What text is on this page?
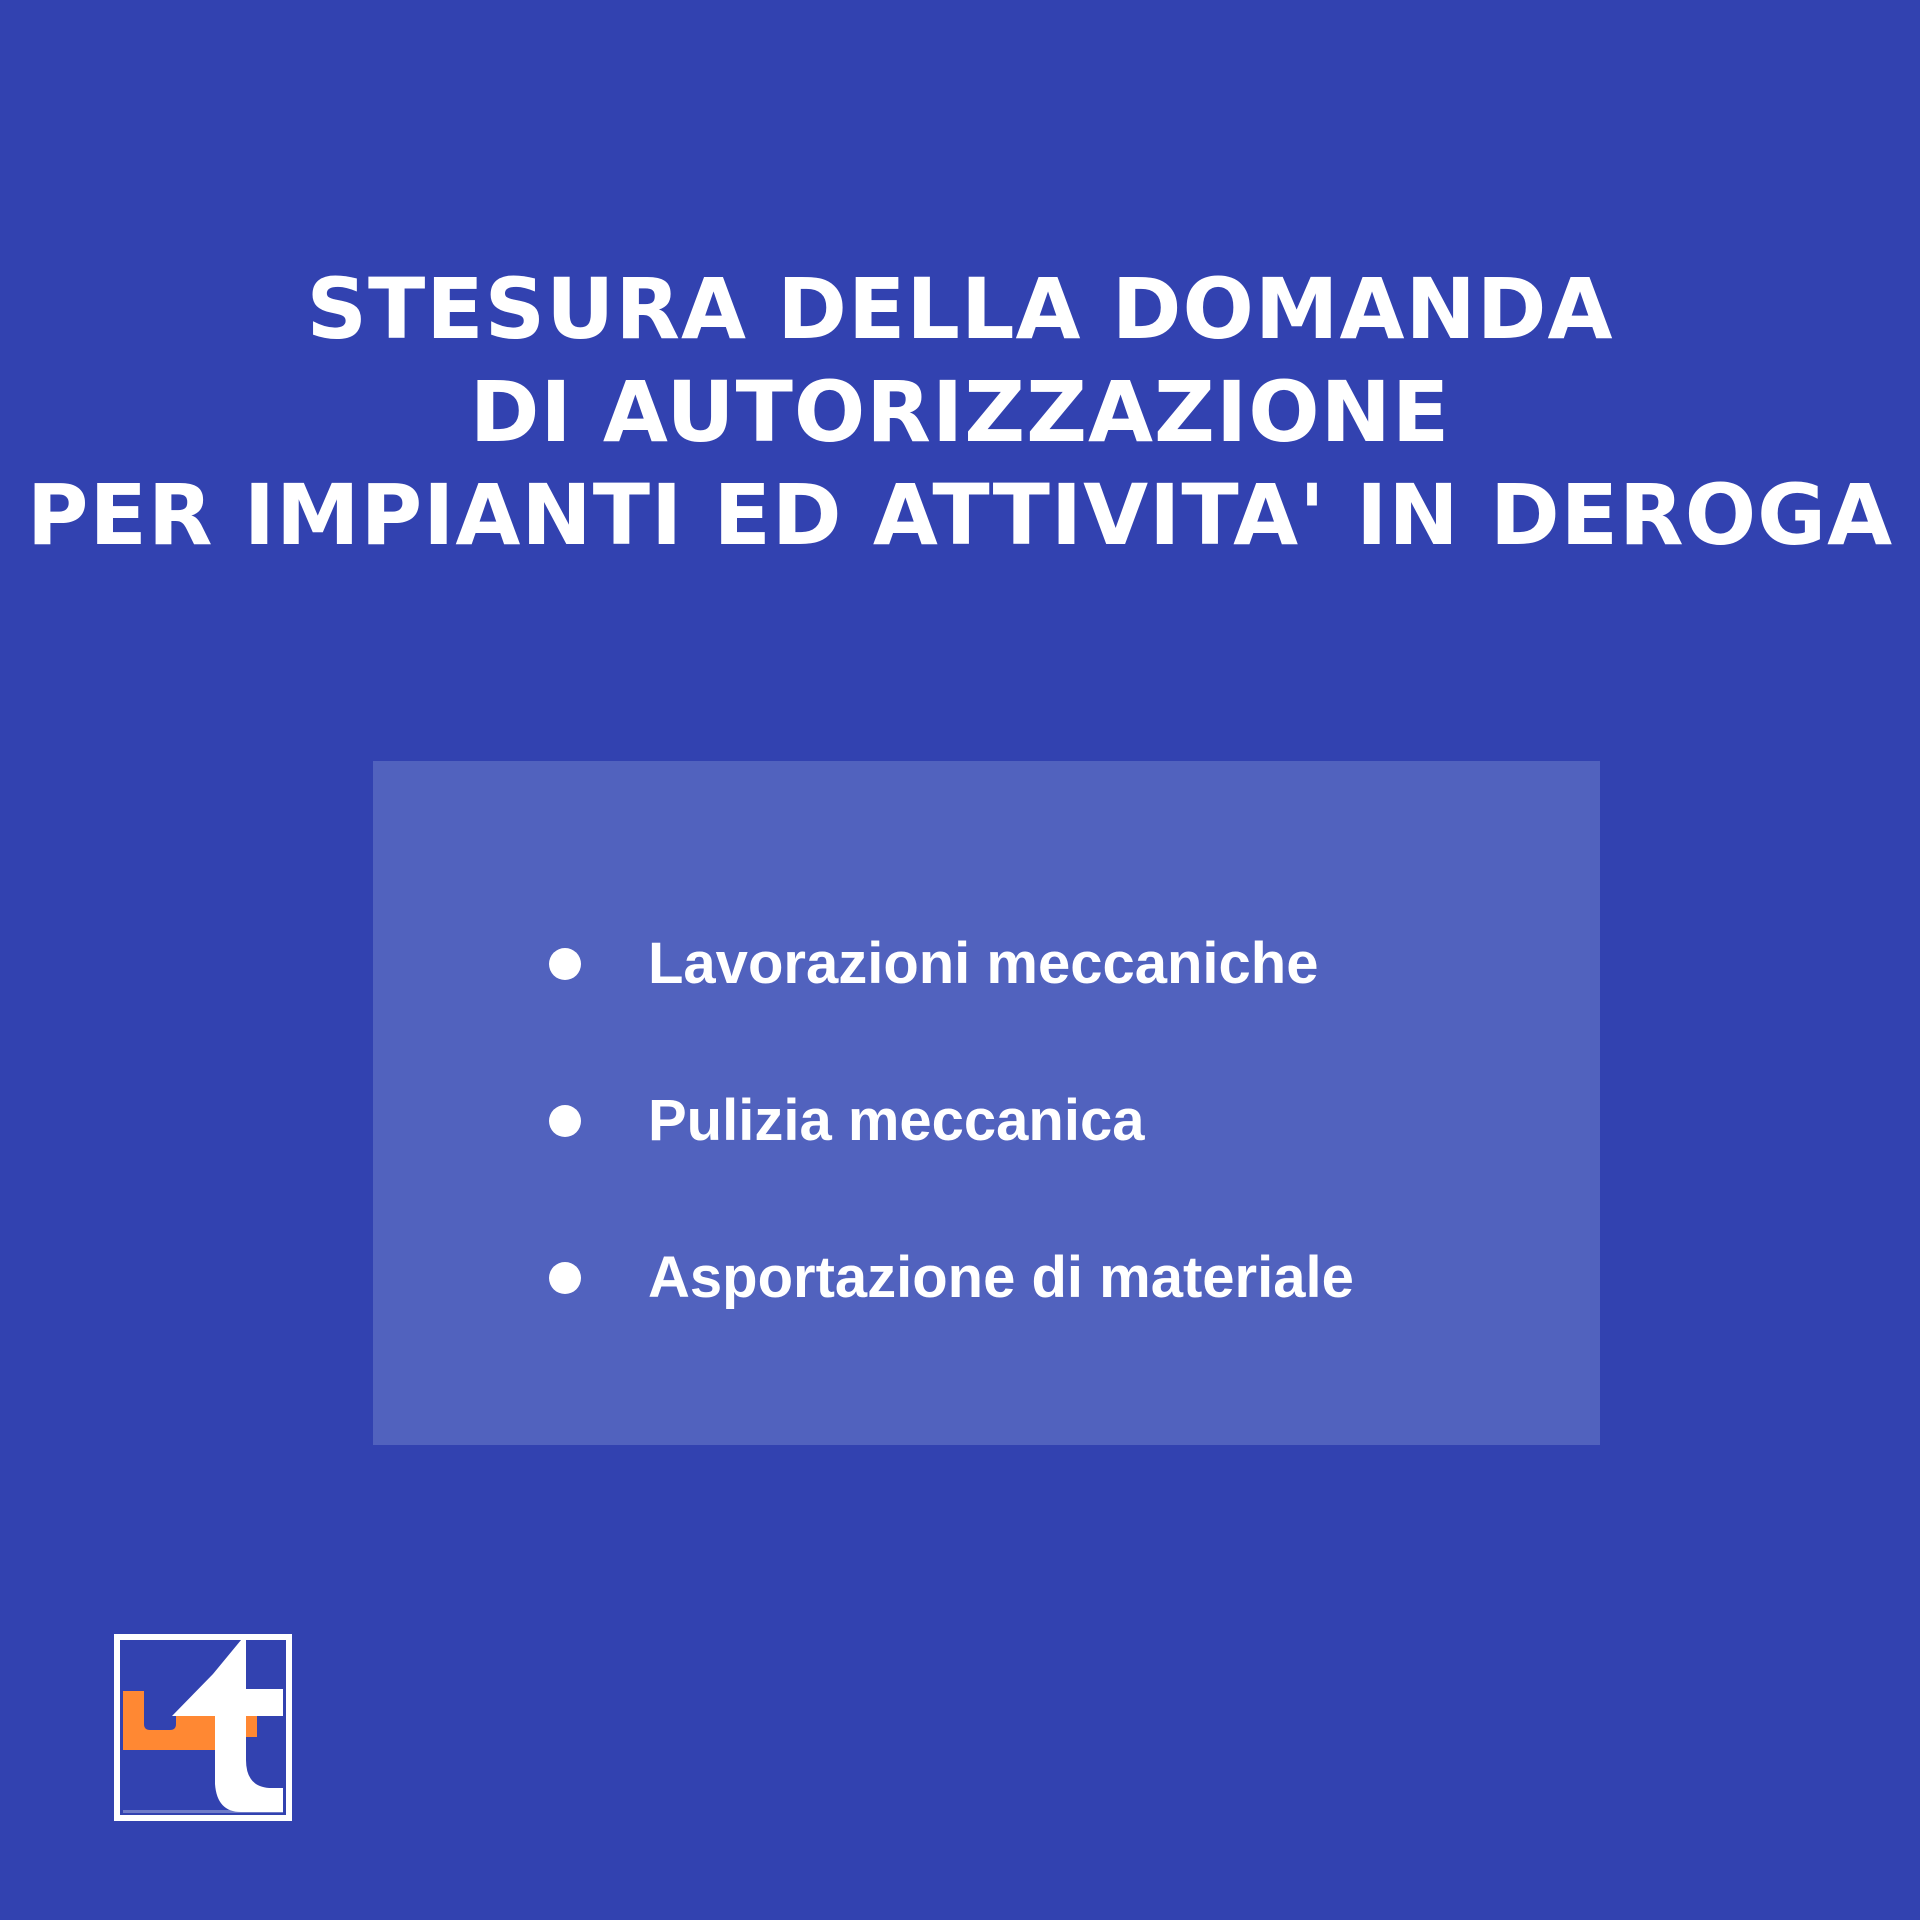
STESURA DELLA DOMANDA
DI AUTORIZZAZIONE
PER IMPIANTI ED ATTIVITA' IN DEROGA
Lavorazioni meccaniche
Pulizia meccanica
Asportazione di materiale
